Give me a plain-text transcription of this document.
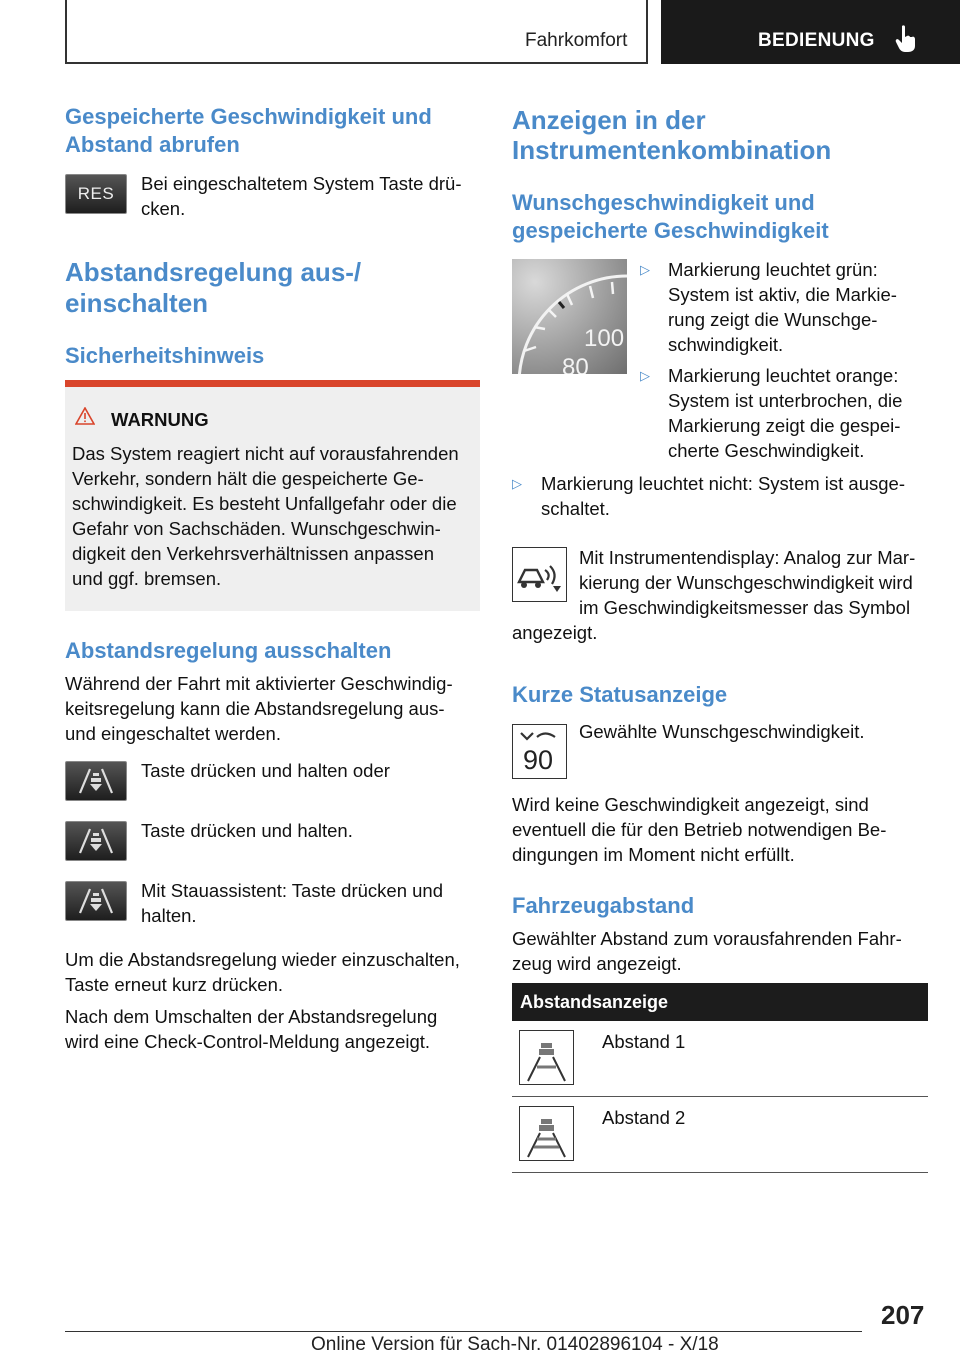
Fahrkomfort	BEDIENUNG
Gespeicherte Geschwindigkeit und Abstand abrufen
RES Bei eingeschaltetem System Taste drü-
cken.
Abstandsregelung aus-/
einschalten
Sicherheitshinweis
WARNUNG
Das System reagiert nicht auf vorausfahrenden
Verkehr, sondern hält die gespeicherte Ge-
schwindigkeit. Es besteht Unfallgefahr oder die
Gefahr von Sachschäden. Wunschgeschwin-
digkeit den Verkehrsverhältnissen anpassen
und ggf. bremsen.
Abstandsregelung ausschalten
Während der Fahrt mit aktivierter Geschwindig-
keitsregelung kann die Abstandsregelung aus-
und eingeschaltet werden.
Taste drücken und halten oder
Taste drücken und halten.
Mit Stauassistent: Taste drücken und
halten.
Um die Abstandsregelung wieder einzuschalten,
Taste erneut kurz drücken.
Nach dem Umschalten der Abstandsregelung
wird eine Check-Control-Meldung angezeigt.
Anzeigen in der
Instrumentenkombination
Wunschgeschwindigkeit und
gespeicherte Geschwindigkeit
100
80
▷ Markierung leuchtet grün:
System ist aktiv, die Markie-
rung zeigt die Wunschge-
schwindigkeit.
▷ Markierung leuchtet orange:
System ist unterbrochen, die
Markierung zeigt die gespei-
cherte Geschwindigkeit.
▷ Markierung leuchtet nicht: System ist ausge-
schaltet.
Mit Instrumentendisplay: Analog zur Mar-
kierung der Wunschgeschwindigkeit wird
im Geschwindigkeitsmesser das Symbol
angezeigt.
Kurze Statusanzeige
90
Gewählte Wunschgeschwindigkeit.
Wird keine Geschwindigkeit angezeigt, sind
eventuell die für den Betrieb notwendigen Be-
dingungen im Moment nicht erfüllt.
Fahrzeugabstand
Gewählter Abstand zum vorausfahrenden Fahr-
zeug wird angezeigt.
Abstandsanzeige
Abstand 1
Abstand 2
207
Online Version für Sach-Nr. 01402896104 - X/18
